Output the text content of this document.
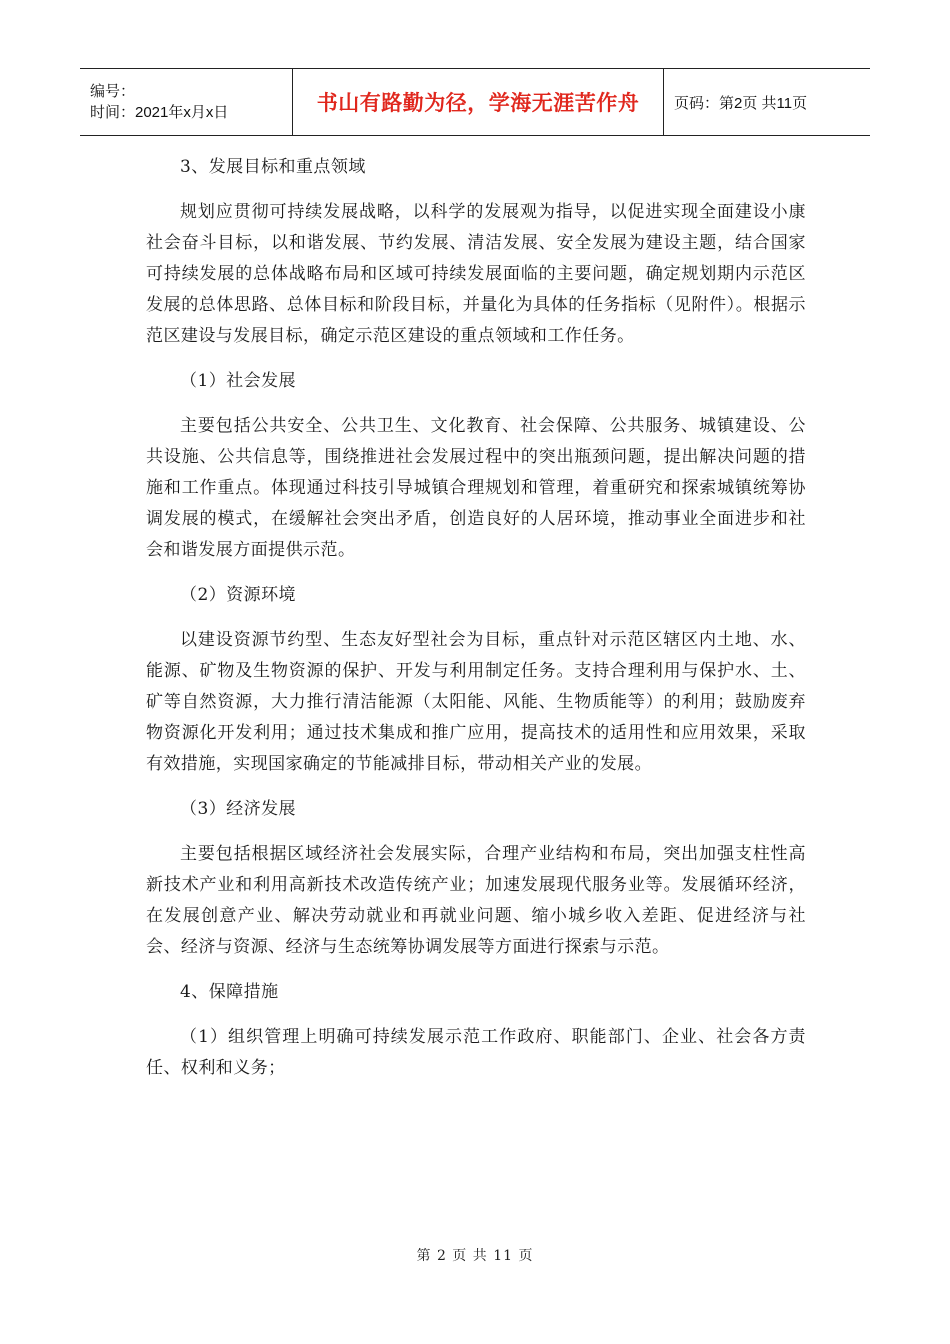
编号：
时间：2021年x月x日	书山有路勤为径，学海无涯苦作舟	页码：第2页 共11页

3、发展目标和重点领域

规划应贯彻可持续发展战略，以科学的发展观为指导，以促进实现全面建设小康社会奋斗目标，以和谐发展、节约发展、清洁发展、安全发展为建设主题，结合国家可持续发展的总体战略布局和区域可持续发展面临的主要问题，确定规划期内示范区发展的总体思路、总体目标和阶段目标，并量化为具体的任务指标（见附件）。根据示范区建设与发展目标，确定示范区建设的重点领域和工作任务。

（1）社会发展

主要包括公共安全、公共卫生、文化教育、社会保障、公共服务、城镇建设、公共设施、公共信息等，围绕推进社会发展过程中的突出瓶颈问题，提出解决问题的措施和工作重点。体现通过科技引导城镇合理规划和管理，着重研究和探索城镇统筹协调发展的模式，在缓解社会突出矛盾，创造良好的人居环境，推动事业全面进步和社会和谐发展方面提供示范。

（2）资源环境

以建设资源节约型、生态友好型社会为目标，重点针对示范区辖区内土地、水、能源、矿物及生物资源的保护、开发与利用制定任务。支持合理利用与保护水、土、矿等自然资源，大力推行清洁能源（太阳能、风能、生物质能等）的利用；鼓励废弃物资源化开发利用；通过技术集成和推广应用，提高技术的适用性和应用效果，采取有效措施，实现国家确定的节能减排目标，带动相关产业的发展。

（3）经济发展

主要包括根据区域经济社会发展实际，合理产业结构和布局，突出加强支柱性高新技术产业和利用高新技术改造传统产业；加速发展现代服务业等。发展循环经济，在发展创意产业、解决劳动就业和再就业问题、缩小城乡收入差距、促进经济与社会、经济与资源、经济与生态统筹协调发展等方面进行探索与示范。

4、保障措施

（1）组织管理上明确可持续发展示范工作政府、职能部门、企业、社会各方责任、权利和义务；

第 2 页 共 11 页
